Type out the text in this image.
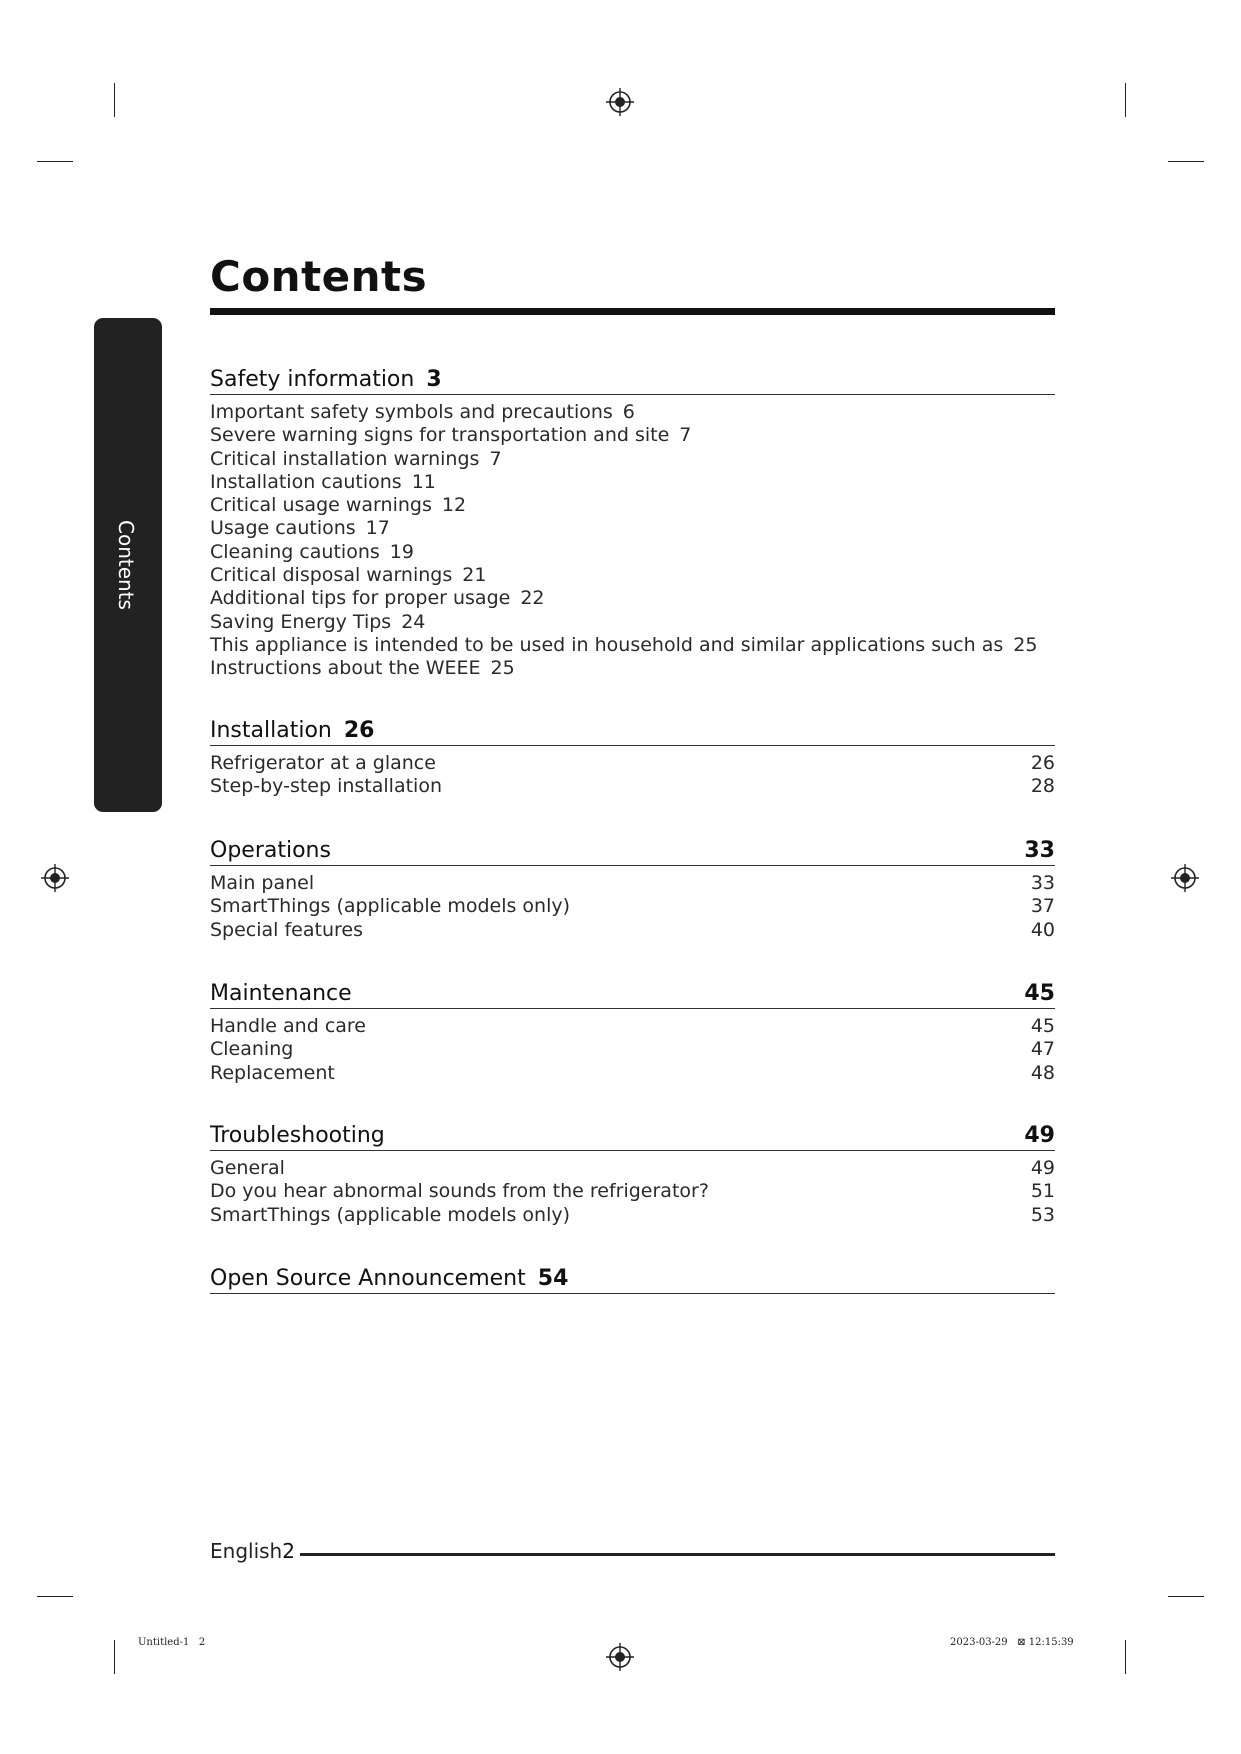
Contents
Contents
Safety information 3
Important safety symbols and precautions 6
Severe warning signs for transportation and site 7
Critical installation warnings 7
Installation cautions 11
Critical usage warnings 12
Usage cautions 17
Cleaning cautions 19
Critical disposal warnings 21
Additional tips for proper usage 22
Saving Energy Tips 24
This appliance is intended to be used in household and similar applications such as 25
Instructions about the WEEE 25
Installation 26
Refrigerator at a glance	26
Step-by-step installation	28
Operations	33
Main panel	33
SmartThings (applicable models only)	37
Special features	40
Maintenance	45
Handle and care	45
Cleaning	47
Replacement	48
Troubleshooting	49
General	49
Do you hear abnormal sounds from the refrigerator?	51
SmartThings (applicable models only)	53
Open Source Announcement 54
English2
Untitled-1   2	2023-03-29   ⊠ 12:15:39
